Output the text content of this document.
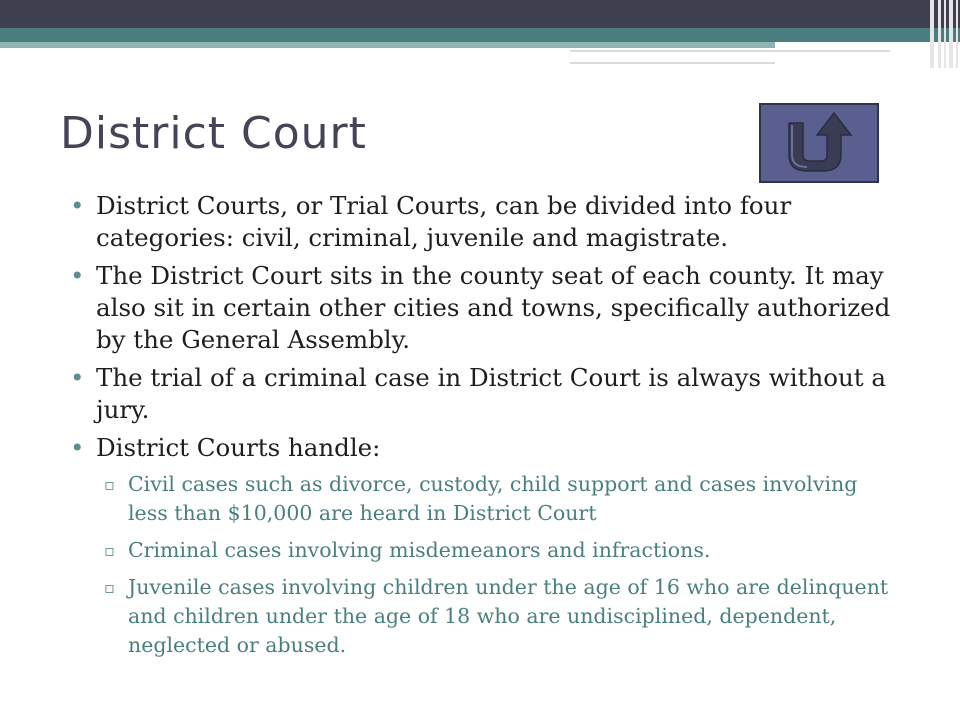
District Court
• District Courts, or Trial Courts, can be divided into four categories: civil, criminal, juvenile and magistrate.
• The District Court sits in the county seat of each county. It may also sit in certain other cities and towns, specifically authorized by the General Assembly.
• The trial of a criminal case in District Court is always without a jury.
• District Courts handle:
▫ Civil cases such as divorce, custody, child support and cases involving less than $10,000 are heard in District Court
▫ Criminal cases involving misdemeanors and infractions.
▫ Juvenile cases involving children under the age of 16 who are delinquent and children under the age of 18 who are undisciplined, dependent, neglected or abused.
